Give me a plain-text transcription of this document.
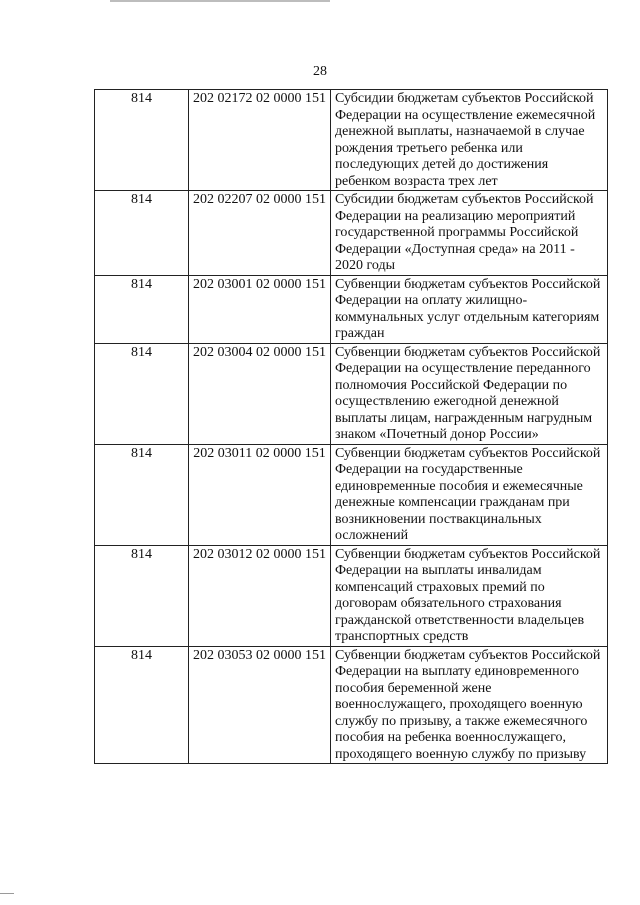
28
814	202 02172 02 0000 151	Субсидии бюджетам субъектов Российской Федерации на осуществление ежемесячной денежной выплаты, назначаемой в случае рождения третьего ребенка или последующих детей до достижения ребенком возраста трех лет
814	202 02207 02 0000 151	Субсидии бюджетам субъектов Российской Федерации на реализацию мероприятий государственной программы Российской Федерации «Доступная среда» на 2011 - 2020 годы
814	202 03001 02 0000 151	Субвенции бюджетам субъектов Российской Федерации на оплату жилищно-коммунальных услуг отдельным категориям граждан
814	202 03004 02 0000 151	Субвенции бюджетам субъектов Российской Федерации на осуществление переданного полномочия Российской Федерации по осуществлению ежегодной денежной выплаты лицам, награжденным нагрудным знаком «Почетный донор России»
814	202 03011 02 0000 151	Субвенции бюджетам субъектов Российской Федерации на государственные единовременные пособия и ежемесячные денежные компенсации гражданам при возникновении поствакцинальных осложнений
814	202 03012 02 0000 151	Субвенции бюджетам субъектов Российской Федерации на выплаты инвалидам компенсаций страховых премий по договорам обязательного страхования гражданской ответственности владельцев транспортных средств
814	202 03053 02 0000 151	Субвенции бюджетам субъектов Российской Федерации на выплату единовременного пособия беременной жене военнослужащего, проходящего военную службу по призыву, а также ежемесячного пособия на ребенка военнослужащего, проходящего военную службу по призыву
